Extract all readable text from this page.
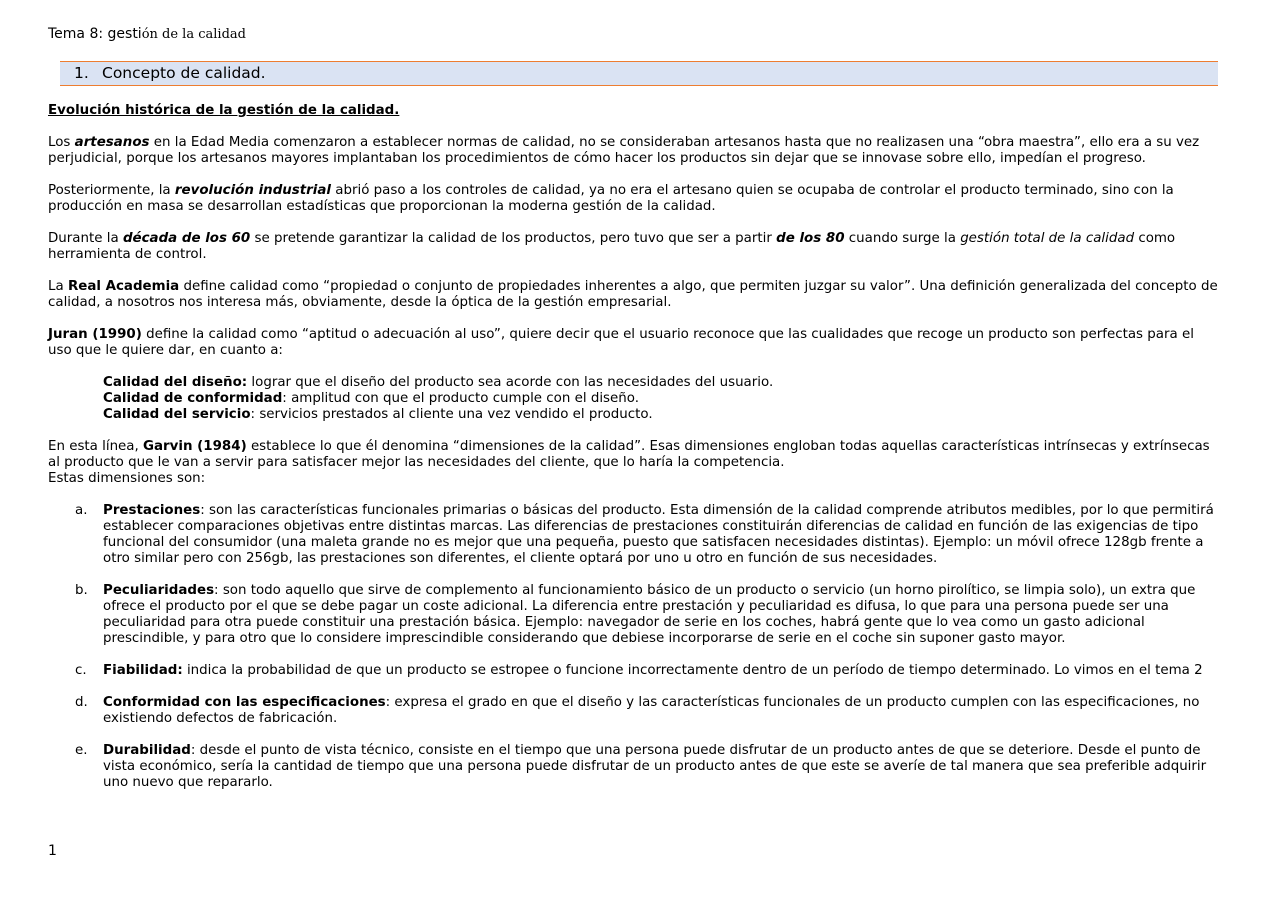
Tema 8: gestión de la calidad
1. Concepto de calidad.

Evolución histórica de la gestión de la calidad.

Los artesanos en la Edad Media comenzaron a establecer normas de calidad, no se consideraban artesanos hasta que no realizasen una “obra maestra”, ello era a su vez perjudicial, porque los artesanos mayores implantaban los procedimientos de cómo hacer los productos sin dejar que se innovase sobre ello, impedían el progreso.

Posteriormente, la revolución industrial abrió paso a los controles de calidad, ya no era el artesano quien se ocupaba de controlar el producto terminado, sino con la producción en masa se desarrollan estadísticas que proporcionan la moderna gestión de la calidad.

Durante la década de los 60 se pretende garantizar la calidad de los productos, pero tuvo que ser a partir de los 80 cuando surge la gestión total de la calidad como herramienta de control.

La Real Academia define calidad como “propiedad o conjunto de propiedades inherentes a algo, que permiten juzgar su valor”. Una definición generalizada del concepto de calidad, a nosotros nos interesa más, obviamente, desde la óptica de la gestión empresarial.

Juran (1990) define la calidad como “aptitud o adecuación al uso”, quiere decir que el usuario reconoce que las cualidades que recoge un producto son perfectas para el uso que le quiere dar, en cuanto a:

Calidad del diseño: lograr que el diseño del producto sea acorde con las necesidades del usuario.
Calidad de conformidad: amplitud con que el producto cumple con el diseño.
Calidad del servicio: servicios prestados al cliente una vez vendido el producto.

En esta línea, Garvin (1984) establece lo que él denomina “dimensiones de la calidad”. Esas dimensiones engloban todas aquellas características intrínsecas y extrínsecas al producto que le van a servir para satisfacer mejor las necesidades del cliente, que lo haría la competencia.
Estas dimensiones son:

a. Prestaciones: son las características funcionales primarias o básicas del producto. Esta dimensión de la calidad comprende atributos medibles, por lo que permitirá establecer comparaciones objetivas entre distintas marcas. Las diferencias de prestaciones constituirán diferencias de calidad en función de las exigencias de tipo funcional del consumidor (una maleta grande no es mejor que una pequeña, puesto que satisfacen necesidades distintas). Ejemplo: un móvil ofrece 128gb frente a otro similar pero con 256gb, las prestaciones son diferentes, el cliente optará por uno u otro en función de sus necesidades.
b. Peculiaridades: son todo aquello que sirve de complemento al funcionamiento básico de un producto o servicio (un horno pirolítico, se limpia solo), un extra que ofrece el producto por el que se debe pagar un coste adicional. La diferencia entre prestación y peculiaridad es difusa, lo que para una persona puede ser una peculiaridad para otra puede constituir una prestación básica. Ejemplo: navegador de serie en los coches, habrá gente que lo vea como un gasto adicional prescindible, y para otro que lo considere imprescindible considerando que debiese incorporarse de serie en el coche sin suponer gasto mayor.
c. Fiabilidad: indica la probabilidad de que un producto se estropee o funcione incorrectamente dentro de un período de tiempo determinado. Lo vimos en el tema 2
d. Conformidad con las especificaciones: expresa el grado en que el diseño y las características funcionales de un producto cumplen con las especificaciones, no existiendo defectos de fabricación.
e. Durabilidad: desde el punto de vista técnico, consiste en el tiempo que una persona puede disfrutar de un producto antes de que se deteriore. Desde el punto de vista económico, sería la cantidad de tiempo que una persona puede disfrutar de un producto antes de que este se averíe de tal manera que sea preferible adquirir uno nuevo que repararlo.
1
